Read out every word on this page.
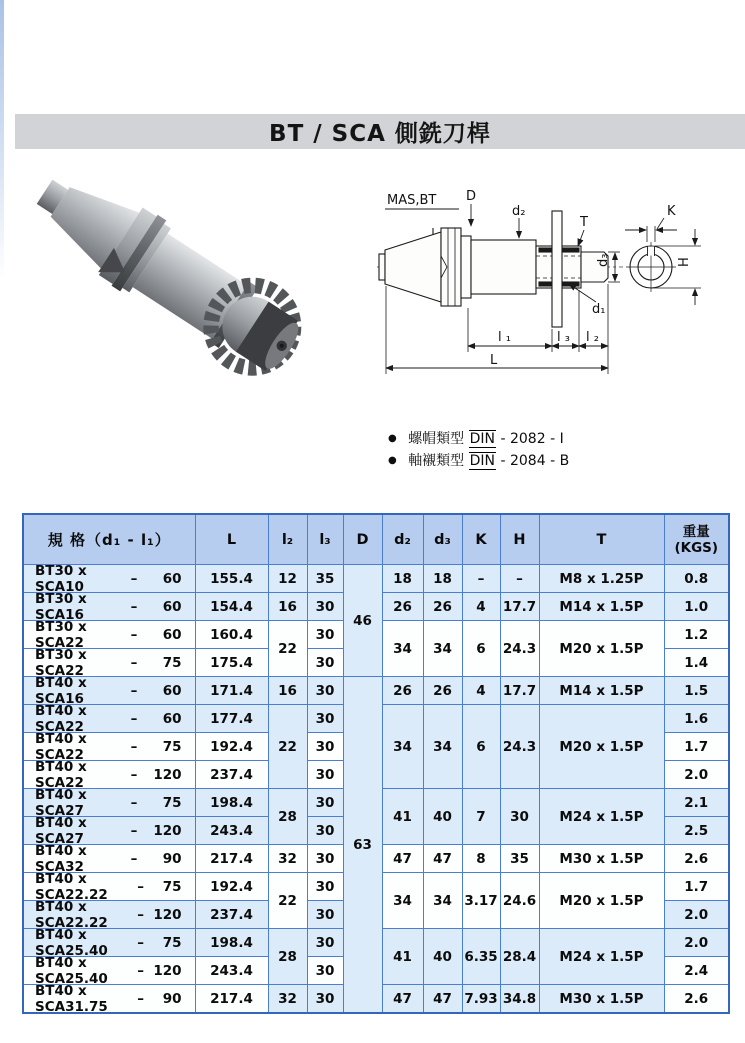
BT / SCA 側銑刀桿
MAS,BT D
d₂
T
K
d₁
l ₁	l ₃ l ₂
L
d₃	H
● 螺帽類型 DIN - 2082 - I
● 軸襯類型 DIN - 2084 - B
規 格（d₁ - l₁）	L	l₂	l₃	D	d₂	d₃	K	H	T	重量
(KGS)

BT30 x SCA10 – 60	155.4	12	35	46	18	18	–	–	M8 x 1.25P	0.8

BT30 x SCA16 – 60	154.4	16	30		26	26	4	17.7	M14 x 1.5P	1.0

BT30 x SCA22 – 60	160.4	22	30		34	34	6	24.3	M20 x 1.5P	1.2

BT30 x SCA22 – 75	175.4		30							1.4

BT40 x SCA16 – 60	171.4	16	30	63	26	26	4	17.7	M14 x 1.5P	1.5

BT40 x SCA22 – 60	177.4	22	30		34	34	6	24.3	M20 x 1.5P	1.6

BT40 x SCA22 – 75	192.4		30							1.7

BT40 x SCA22 – 120	237.4		30							2.0

BT40 x SCA27 – 75	198.4	28	30		41	40	7	30	M24 x 1.5P	2.1

BT40 x SCA27 – 120	243.4		30							2.5

BT40 x SCA32 – 90	217.4	32	30		47	47	8	35	M30 x 1.5P	2.6

BT40 x SCA22.22 – 75	192.4	22	30		34	34	3.17	24.6	M20 x 1.5P	1.7

BT40 x SCA22.22 – 120	237.4		30							2.0

BT40 x SCA25.40 – 75	198.4	28	30		41	40	6.35	28.4	M24 x 1.5P	2.0

BT40 x SCA25.40 – 120	243.4		30							2.4

BT40 x SCA31.75 – 90	217.4	32	30		47	47	7.93	34.8	M30 x 1.5P	2.6
